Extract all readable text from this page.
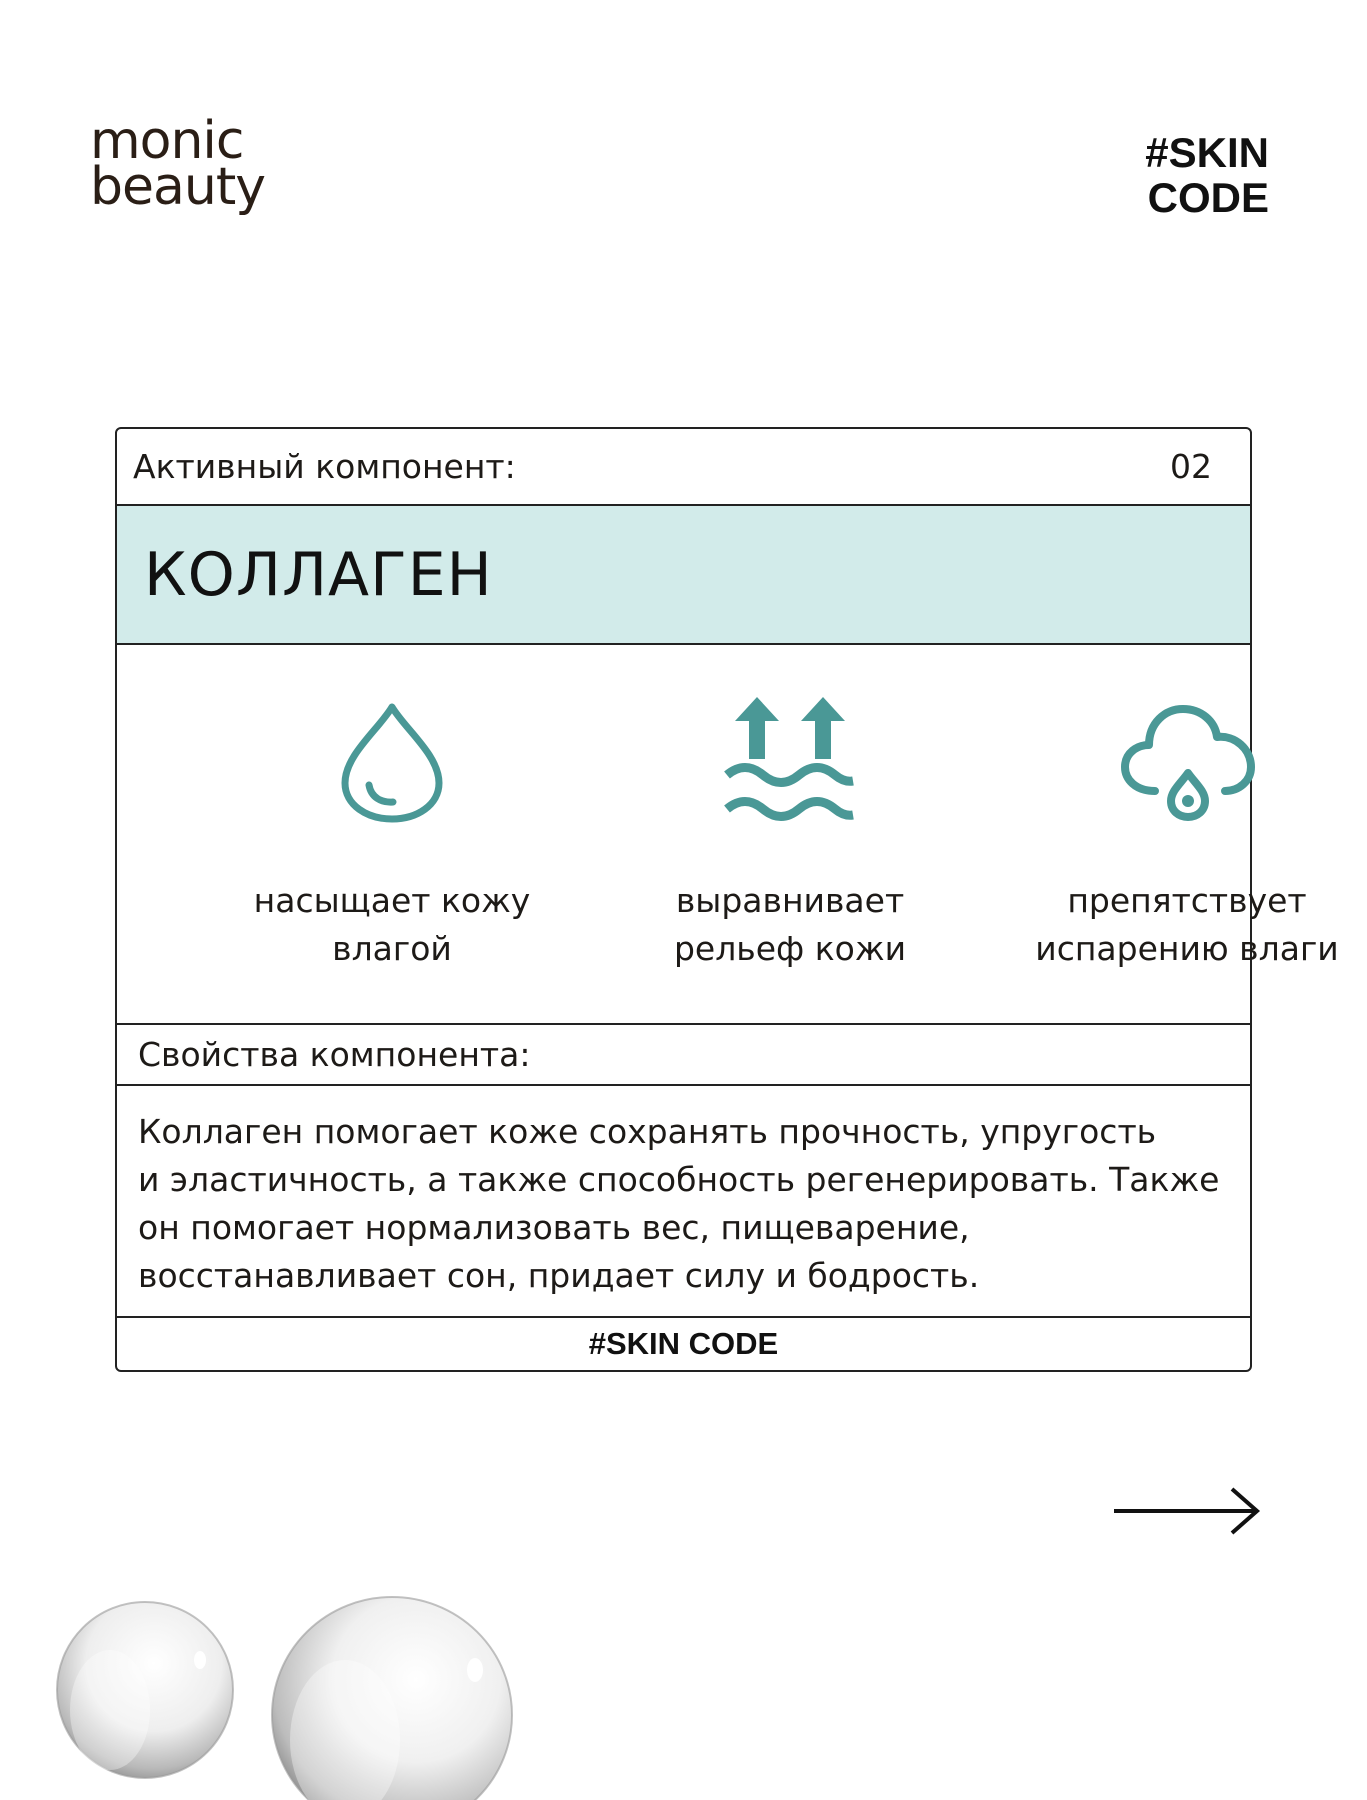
monic
beauty
#SKIN
CODE
Активный компонент:	02
КОЛЛАГЕН
насыщает кожу
влагой
выравнивает
рельеф кожи
препятствует
испарению влаги
Свойства компонента:
Коллаген помогает коже сохранять прочность, упругость
и эластичность, а также способность регенерировать. Также
он помогает нормализовать вес, пищеварение,
восстанавливает сон, придает силу и бодрость.
#SKIN CODE
